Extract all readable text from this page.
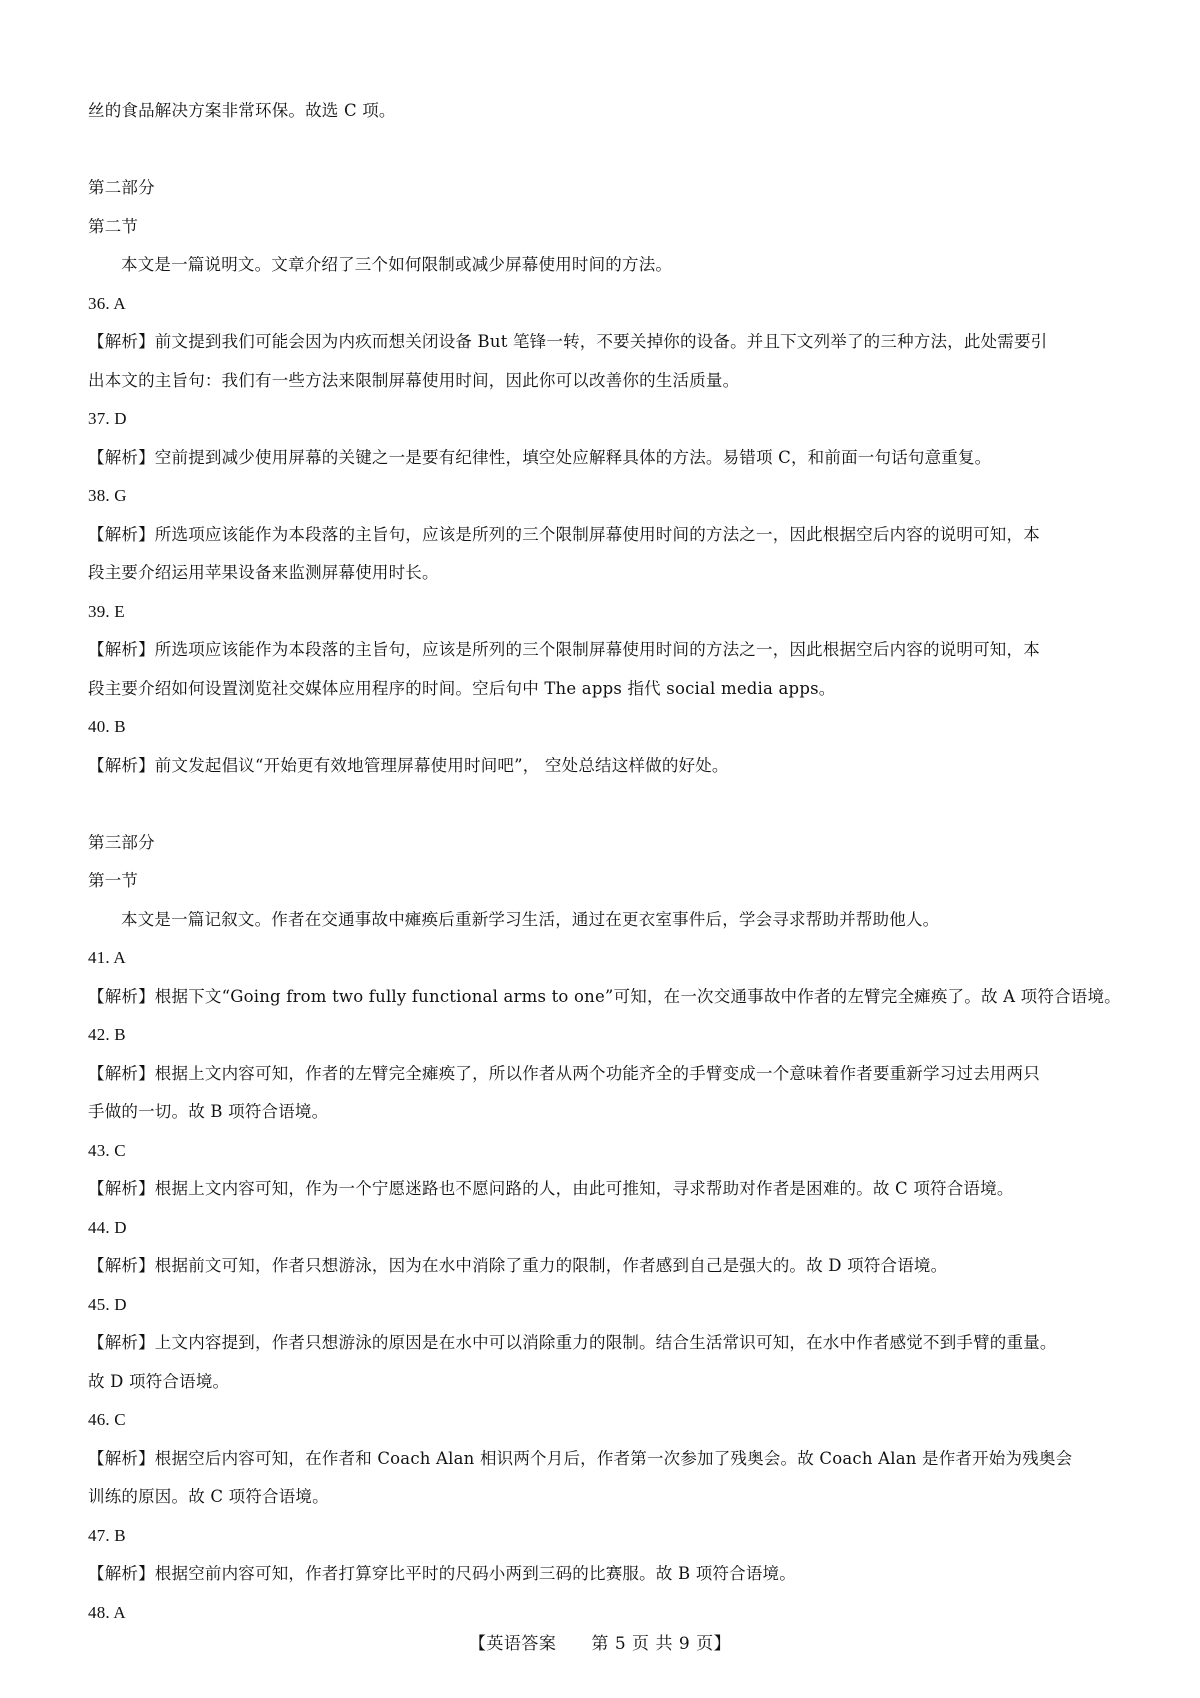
丝的食品解决方案非常环保。故选 C 项。
第二部分
第二节
本文是一篇说明文。文章介绍了三个如何限制或减少屏幕使用时间的方法。
36. A
【解析】前文提到我们可能会因为内疚而想关闭设备 But 笔锋一转，不要关掉你的设备。并且下文列举了的三种方法，此处需要引
出本文的主旨句：我们有一些方法来限制屏幕使用时间，因此你可以改善你的生活质量。
37. D
【解析】空前提到减少使用屏幕的关键之一是要有纪律性，填空处应解释具体的方法。易错项 C，和前面一句话句意重复。
38. G
【解析】所选项应该能作为本段落的主旨句，应该是所列的三个限制屏幕使用时间的方法之一，因此根据空后内容的说明可知，本
段主要介绍运用苹果设备来监测屏幕使用时长。
39. E
【解析】所选项应该能作为本段落的主旨句，应该是所列的三个限制屏幕使用时间的方法之一，因此根据空后内容的说明可知，本
段主要介绍如何设置浏览社交媒体应用程序的时间。空后句中 The apps 指代 social media apps。
40. B
【解析】前文发起倡议“开始更有效地管理屏幕使用时间吧”， 空处总结这样做的好处。
第三部分
第一节
本文是一篇记叙文。作者在交通事故中瘫痪后重新学习生活，通过在更衣室事件后，学会寻求帮助并帮助他人。
41. A
【解析】根据下文“Going from two fully functional arms to one”可知，在一次交通事故中作者的左臂完全瘫痪了。故 A 项符合语境。
42. B
【解析】根据上文内容可知，作者的左臂完全瘫痪了，所以作者从两个功能齐全的手臂变成一个意味着作者要重新学习过去用两只
手做的一切。故 B 项符合语境。
43. C
【解析】根据上文内容可知，作为一个宁愿迷路也不愿问路的人，由此可推知，寻求帮助对作者是困难的。故 C 项符合语境。
44. D
【解析】根据前文可知，作者只想游泳，因为在水中消除了重力的限制，作者感到自己是强大的。故 D 项符合语境。
45. D
【解析】上文内容提到，作者只想游泳的原因是在水中可以消除重力的限制。结合生活常识可知，在水中作者感觉不到手臂的重量。
故 D 项符合语境。
46. C
【解析】根据空后内容可知，在作者和 Coach Alan 相识两个月后，作者第一次参加了残奥会。故 Coach Alan 是作者开始为残奥会
训练的原因。故 C 项符合语境。
47. B
【解析】根据空前内容可知，作者打算穿比平时的尺码小两到三码的比赛服。故 B 项符合语境。
48. A
【英语答案　　第 5 页 共 9 页】
